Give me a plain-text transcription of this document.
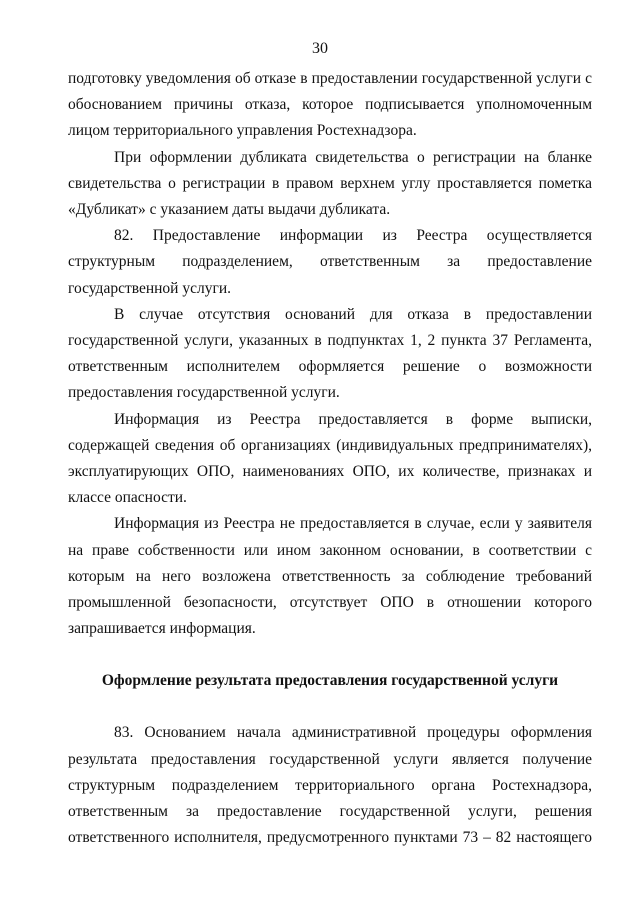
30

подготовку уведомления об отказе в предоставлении государственной услуги с обоснованием причины отказа, которое подписывается уполномоченным лицом территориального управления Ростехнадзора.

При оформлении дубликата свидетельства о регистрации на бланке свидетельства о регистрации в правом верхнем углу проставляется пометка «Дубликат» с указанием даты выдачи дубликата.

82. Предоставление информации из Реестра осуществляется структурным подразделением, ответственным за предоставление государственной услуги.

В случае отсутствия оснований для отказа в предоставлении государственной услуги, указанных в подпунктах 1, 2 пункта 37 Регламента, ответственным исполнителем оформляется решение о возможности предоставления государственной услуги.

Информация из Реестра предоставляется в форме выписки, содержащей сведения об организациях (индивидуальных предпринимателях), эксплуатирующих ОПО, наименованиях ОПО, их количестве, признаках и классе опасности.

Информация из Реестра не предоставляется в случае, если у заявителя на праве собственности или ином законном основании, в соответствии с которым на него возложена ответственность за соблюдение требований промышленной безопасности, отсутствует ОПО в отношении которого запрашивается информация.

Оформление результата предоставления государственной услуги

83. Основанием начала административной процедуры оформления результата предоставления государственной услуги является получение структурным подразделением территориального органа Ростехнадзора, ответственным за предоставление государственной услуги, решения ответственного исполнителя, предусмотренного пунктами 73 – 82 настоящего
